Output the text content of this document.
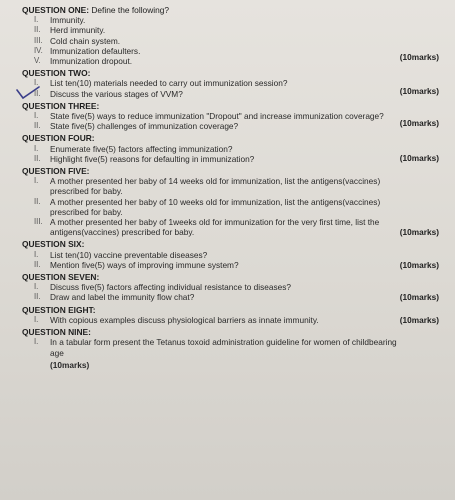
QUESTION ONE: Define the following?
I.	Immunity.
II.	Herd immunity.
III. Cold chain system.
IV. Immunization defaulters.
(10marks)
V.	Immunization dropout.
QUESTION TWO:
I.	List ten(10) materials needed to carry out immunization session?
II.	Discuss the various stages of VVM?	(10marks)
QUESTION THREE:
I.	State five(5) ways to reduce immunization "Dropout" and increase immunization coverage?
II.	State five(5) challenges of immunization coverage?	(10marks)
QUESTION FOUR:
I.	Enumerate five(5) factors affecting immunization?
II.	Highlight five(5) reasons for defaulting in immunization?	(10marks)
QUESTION FIVE:
I.	A mother presented her baby of 14 weeks old for immunization, list the antigens(vaccines)
prescribed for baby.
II.	A mother presented her baby of 10 weeks old for immunization, list the antigens(vaccines)
prescribed for baby.
III. A mother presented her baby of 1weeks old for immunization for the very first time, list the
antigens(vaccines) prescribed for baby.	(10marks)
QUESTION SIX:
I.	List ten(10) vaccine preventable diseases?
II.	Mention five(5) ways of improving immune system?	(10marks)
QUESTION SEVEN:
I.	Discuss five(5) factors affecting individual resistance to diseases?
II.	Draw and label the immunity flow chat?	(10marks)
QUESTION EIGHT:
I.	With copious examples discuss physiological barriers as innate immunity.	(10marks)
QUESTION NINE:
I.	In a tabular form present the Tetanus toxoid administration guideline for women of childbearing
age
(10marks)
